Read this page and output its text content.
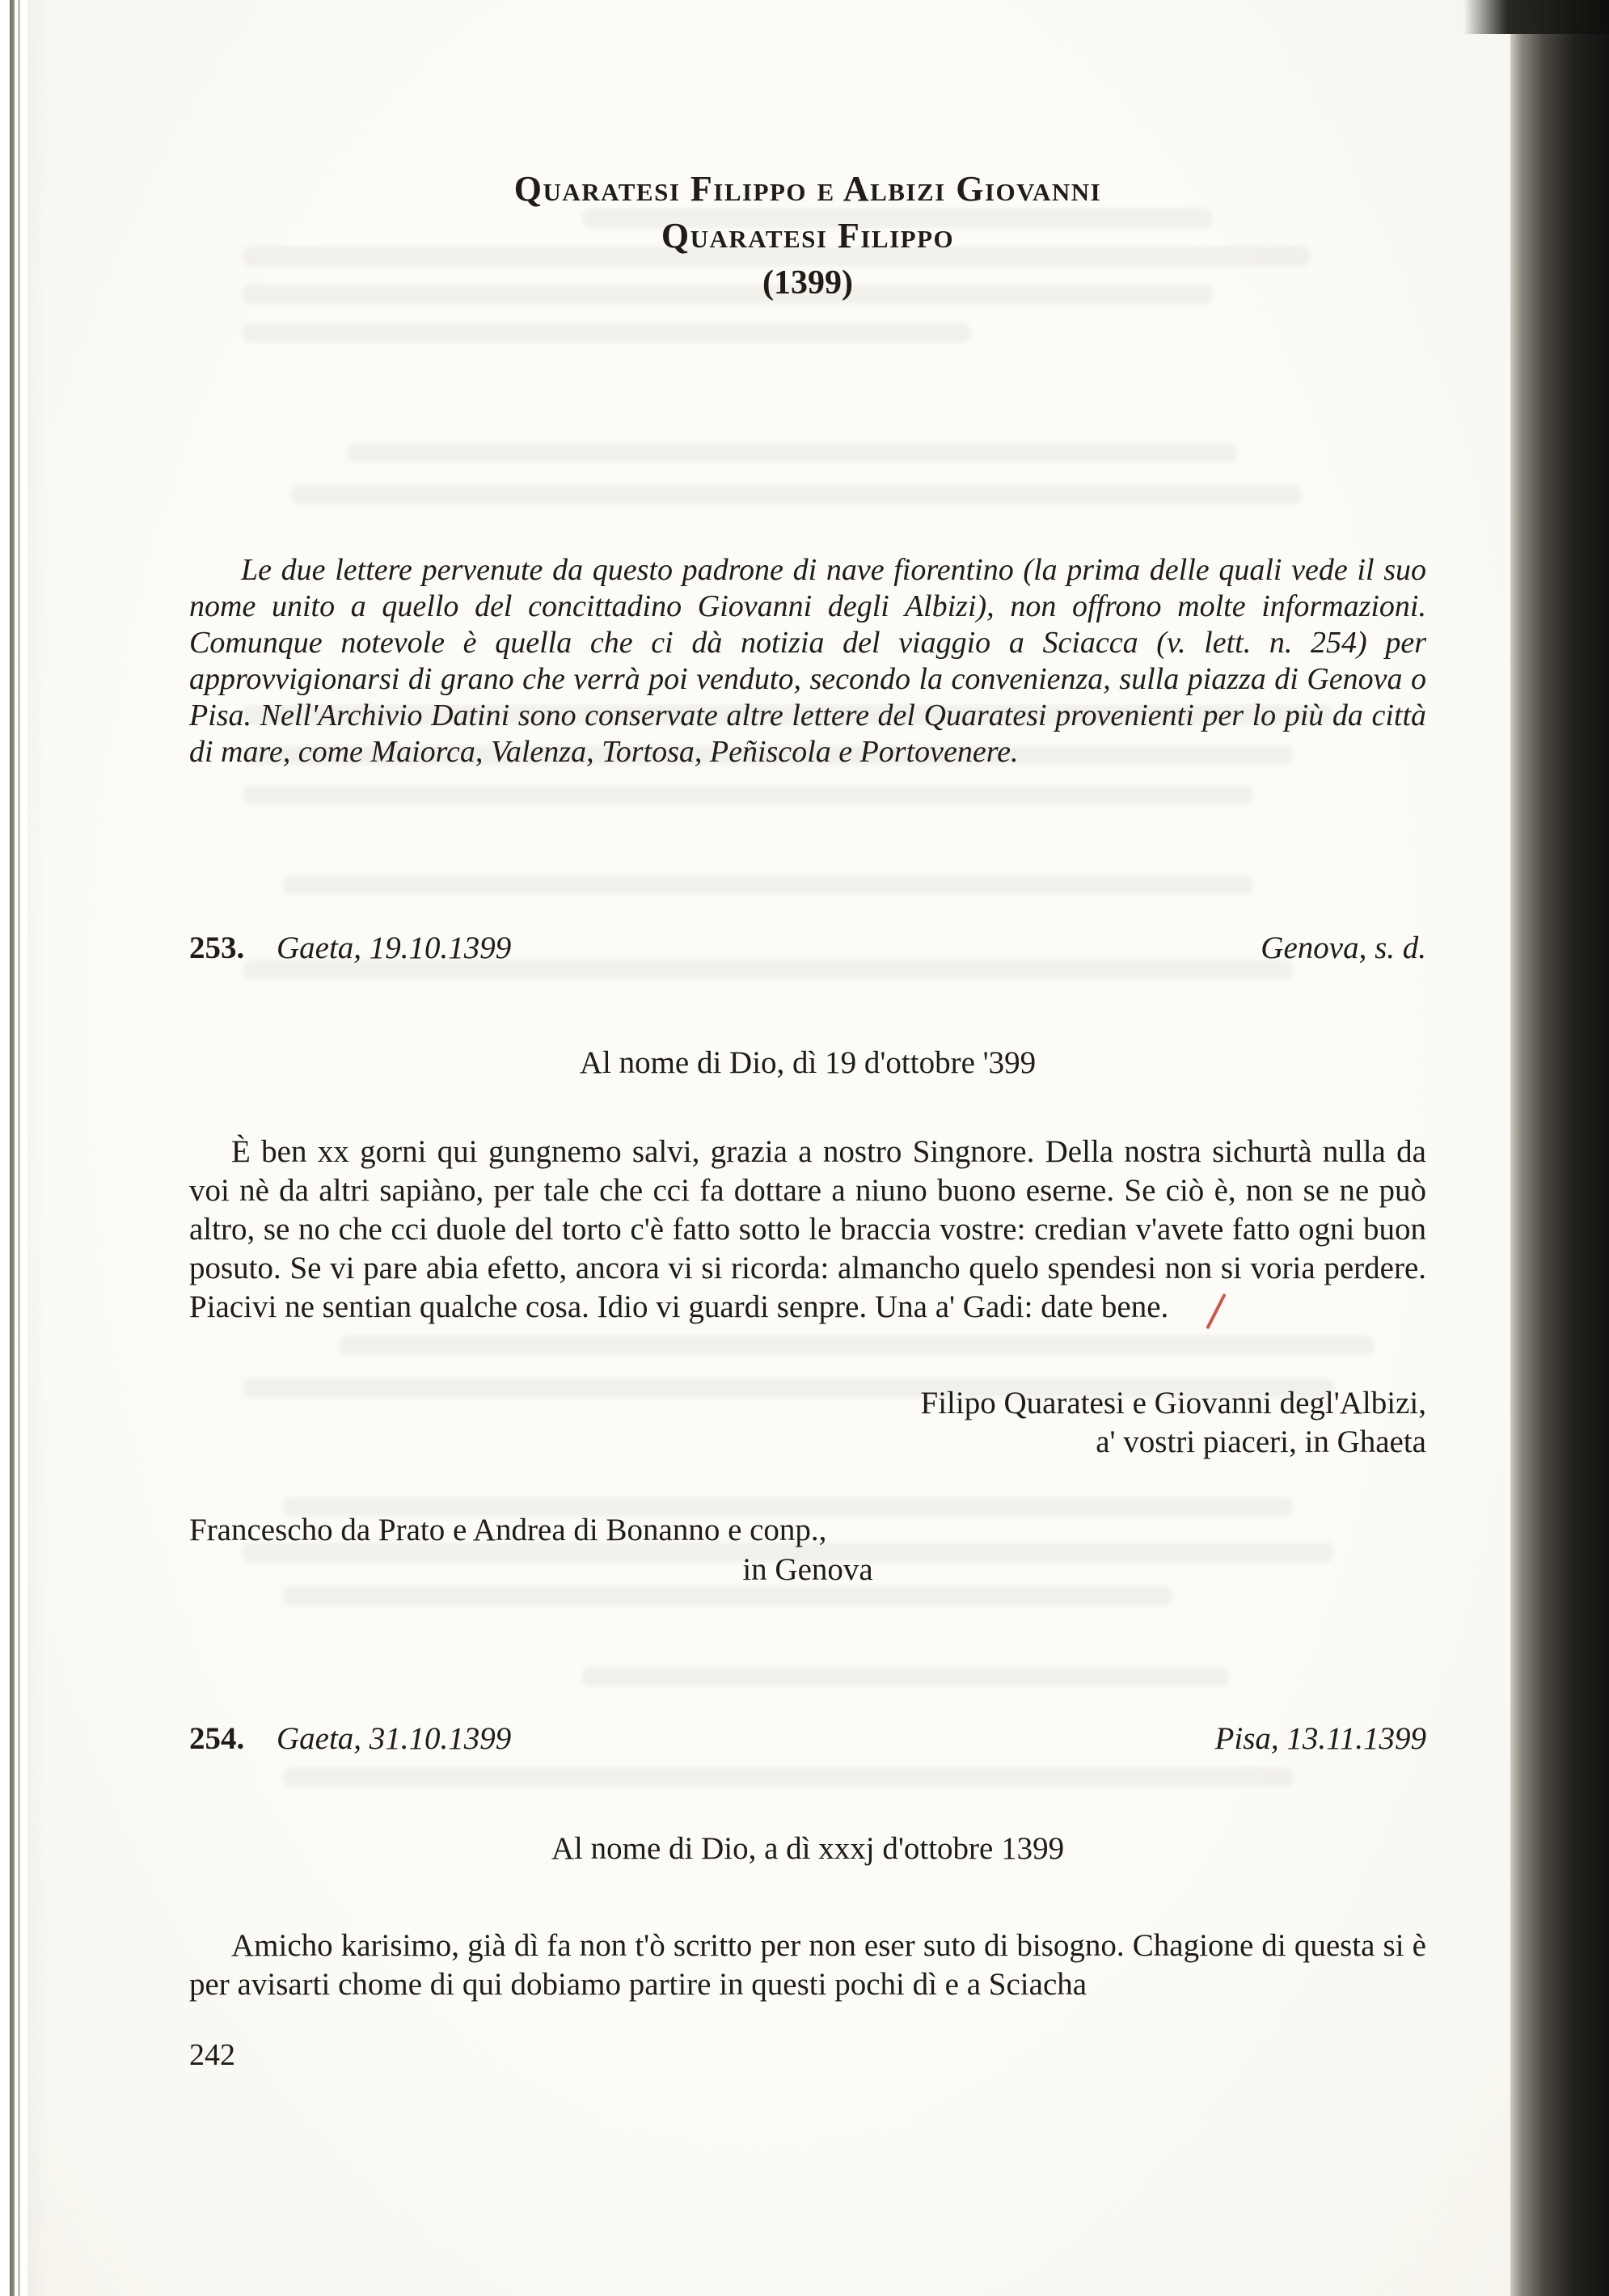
Quaratesi Filippo e Albizi Giovanni
Quaratesi Filippo
(1399)

Le due lettere pervenute da questo padrone di nave fiorentino (la prima delle quali vede il suo nome unito a quello del concittadino Giovanni degli Albizi), non offrono molte informazioni. Comunque notevole è quella che ci dà notizia del viaggio a Sciacca (v. lett. n. 254) per approvvigionarsi di grano che verrà poi venduto, secondo la convenienza, sulla piazza di Genova o Pisa. Nell'Archivio Datini sono conservate altre lettere del Quaratesi provenienti per lo più da città di mare, come Maiorca, Valenza, Tortosa, Peñiscola e Portovenere.

253. Gaeta, 19.10.1399	Genova, s. d.
Al nome di Dio, dì 19 d'ottobre '399

È ben xx gorni qui gungnemo salvi, grazia a nostro Singnore. Della nostra sichurtà nulla da voi nè da altri sapiàno, per tale che cci fa dottare a niuno buono eserne. Se ciò è, non se ne può altro, se no che cci duole del torto c'è fatto sotto le braccia vostre: credian v'avete fatto ogni buon posuto. Se vi pare abia efetto, ancora vi si ricorda: almancho quelo spendesi non si voria perdere. Piacivi ne sentian qualche cosa. Idio vi guardi senpre. Una a' Gadi: date bene.

Filipo Quaratesi e Giovanni degl'Albizi,
a' vostri piaceri, in Ghaeta
Francescho da Prato e Andrea di Bonanno e conp.,
in Genova
254. Gaeta, 31.10.1399	Pisa, 13.11.1399
Al nome di Dio, a dì xxxj d'ottobre 1399

Amicho karisimo, già dì fa non t'ò scritto per non eser suto di bisogno. Chagione di questa si è per avisarti chome di qui dobiamo partire in questi pochi dì e a Sciacha

242
